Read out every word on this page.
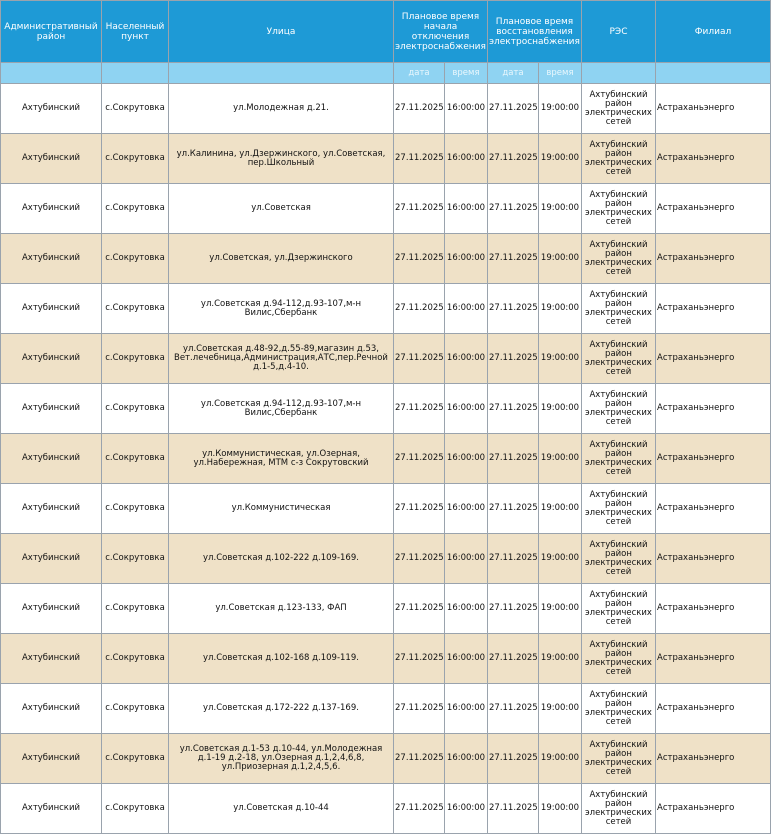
Административный район	Населенный пункт	Улица	Плановое время начала отключения электроснабжения		Плановое время восстановления электроснабжения		РЭС	Филиал
			дата	время	дата	время		
Ахтубинский	с.Сокрутовка	ул.Молодежная д.21.	27.11.2025	16:00:00	27.11.2025	19:00:00	Ахтубинский район электрических сетей	Астраханьэнерго
Ахтубинский	с.Сокрутовка	ул.Калинина, ул.Дзержинского, ул.Советская, пер.Школьный	27.11.2025	16:00:00	27.11.2025	19:00:00	Ахтубинский район электрических сетей	Астраханьэнерго
Ахтубинский	с.Сокрутовка	ул.Советская	27.11.2025	16:00:00	27.11.2025	19:00:00	Ахтубинский район электрических сетей	Астраханьэнерго
Ахтубинский	с.Сокрутовка	ул.Советская, ул.Дзержинского	27.11.2025	16:00:00	27.11.2025	19:00:00	Ахтубинский район электрических сетей	Астраханьэнерго
Ахтубинский	с.Сокрутовка	ул.Советская д.94-112,д.93-107,м-н Вилис,Сбербанк	27.11.2025	16:00:00	27.11.2025	19:00:00	Ахтубинский район электрических сетей	Астраханьэнерго
Ахтубинский	с.Сокрутовка	ул.Советская д.48-92,д.55-89,магазин д.53, Вет.лечебница,Администрация,АТС,пер.Речной д.1-5,д.4-10.	27.11.2025	16:00:00	27.11.2025	19:00:00	Ахтубинский район электрических сетей	Астраханьэнерго
Ахтубинский	с.Сокрутовка	ул.Советская д.94-112,д.93-107,м-н Вилис,Сбербанк	27.11.2025	16:00:00	27.11.2025	19:00:00	Ахтубинский район электрических сетей	Астраханьэнерго
Ахтубинский	с.Сокрутовка	ул.Коммунистическая, ул.Озерная, ул.Набережная, МТМ с-з Сокрутовский	27.11.2025	16:00:00	27.11.2025	19:00:00	Ахтубинский район электрических сетей	Астраханьэнерго
Ахтубинский	с.Сокрутовка	ул.Коммунистическая	27.11.2025	16:00:00	27.11.2025	19:00:00	Ахтубинский район электрических сетей	Астраханьэнерго
Ахтубинский	с.Сокрутовка	ул.Советская д.102-222 д.109-169.	27.11.2025	16:00:00	27.11.2025	19:00:00	Ахтубинский район электрических сетей	Астраханьэнерго
Ахтубинский	с.Сокрутовка	ул.Советская д.123-133, ФАП	27.11.2025	16:00:00	27.11.2025	19:00:00	Ахтубинский район электрических сетей	Астраханьэнерго
Ахтубинский	с.Сокрутовка	ул.Советская д.102-168 д.109-119.	27.11.2025	16:00:00	27.11.2025	19:00:00	Ахтубинский район электрических сетей	Астраханьэнерго
Ахтубинский	с.Сокрутовка	ул.Советская д.172-222 д.137-169.	27.11.2025	16:00:00	27.11.2025	19:00:00	Ахтубинский район электрических сетей	Астраханьэнерго
Ахтубинский	с.Сокрутовка	ул.Советская д.1-53 д.10-44, ул.Молодежная д.1-19 д.2-18, ул.Озерная д.1,2,4,6,8, ул.Приозерная д.1,2,4,5,6.	27.11.2025	16:00:00	27.11.2025	19:00:00	Ахтубинский район электрических сетей	Астраханьэнерго
Ахтубинский	с.Сокрутовка	ул.Советская д.10-44	27.11.2025	16:00:00	27.11.2025	19:00:00	Ахтубинский район электрических сетей	Астраханьэнерго
